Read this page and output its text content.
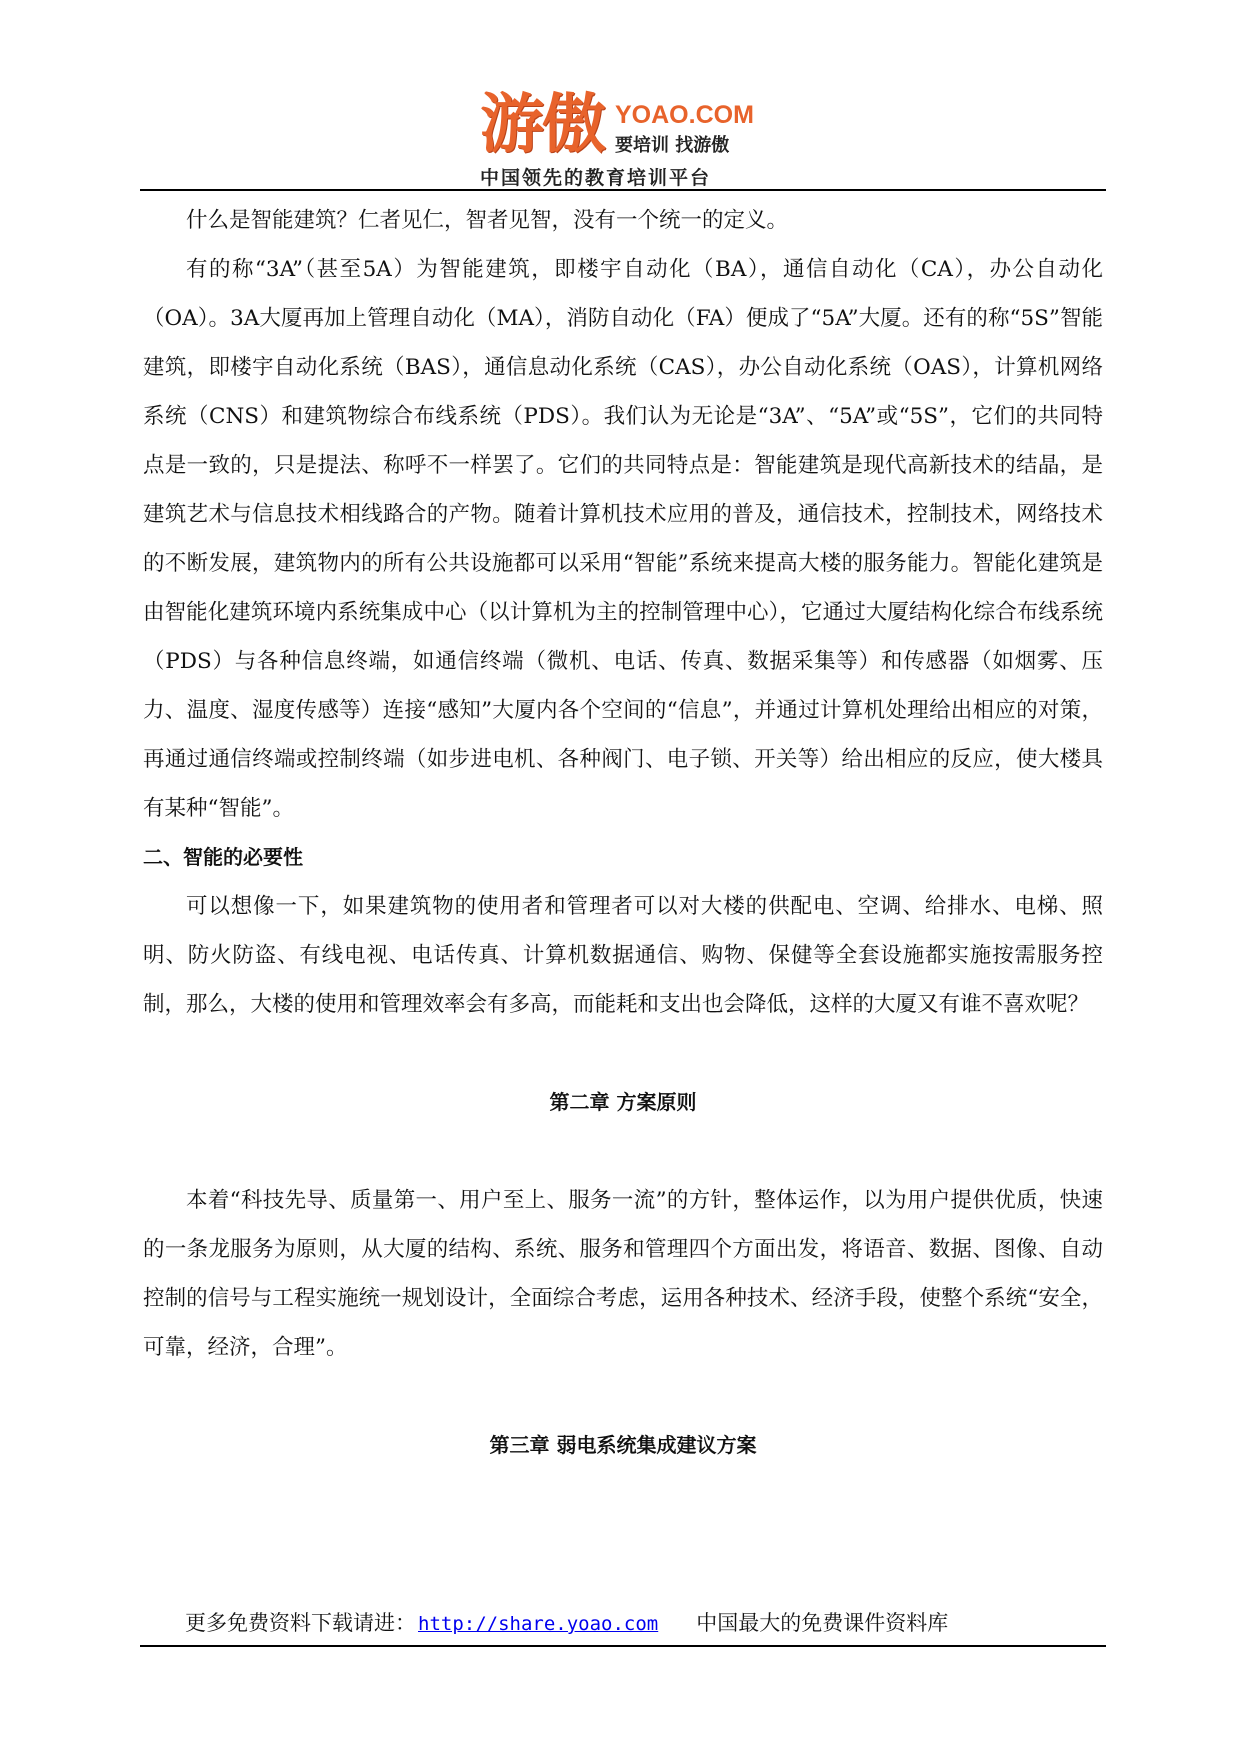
游傲 YOAO.COM
要培训 找游傲
中国领先的教育培训平台

什么是智能建筑？仁者见仁，智者见智，没有一个统一的定义。

有的称“3A”（甚至5A）为智能建筑，即楼宇自动化（BA），通信自动化（CA），办公自动化（OA）。3A大厦再加上管理自动化（MA），消防自动化（FA）便成了“5A”大厦。还有的称“5S”智能建筑，即楼宇自动化系统（BAS），通信息动化系统（CAS），办公自动化系统（OAS），计算机网络系统（CNS）和建筑物综合布线系统（PDS）。我们认为无论是“3A”、“5A”或“5S”，它们的共同特点是一致的，只是提法、称呼不一样罢了。它们的共同特点是：智能建筑是现代高新技术的结晶，是建筑艺术与信息技术相线路合的产物。随着计算机技术应用的普及，通信技术，控制技术，网络技术的不断发展，建筑物内的所有公共设施都可以采用“智能”系统来提高大楼的服务能力。智能化建筑是由智能化建筑环境内系统集成中心（以计算机为主的控制管理中心），它通过大厦结构化综合布线系统（PDS）与各种信息终端，如通信终端（微机、电话、传真、数据采集等）和传感器（如烟雾、压力、温度、湿度传感等）连接“感知”大厦内各个空间的“信息”，并通过计算机处理给出相应的对策，再通过通信终端或控制终端（如步进电机、各种阀门、电子锁、开关等）给出相应的反应，使大楼具有某种“智能”。

二、智能的必要性

可以想像一下，如果建筑物的使用者和管理者可以对大楼的供配电、空调、给排水、电梯、照明、防火防盗、有线电视、电话传真、计算机数据通信、购物、保健等全套设施都实施按需服务控制，那么，大楼的使用和管理效率会有多高，而能耗和支出也会降低，这样的大厦又有谁不喜欢呢？

第二章 方案原则

本着“科技先导、质量第一、用户至上、服务一流”的方针，整体运作，以为用户提供优质，快速的一条龙服务为原则，从大厦的结构、系统、服务和管理四个方面出发，将语音、数据、图像、自动控制的信号与工程实施统一规划设计，全面综合考虑，运用各种技术、经济手段，使整个系统“安全，可靠，经济，合理”。

第三章 弱电系统集成建议方案

更多免费资料下载请进： http://share.yoao.com 中国最大的免费课件资料库
